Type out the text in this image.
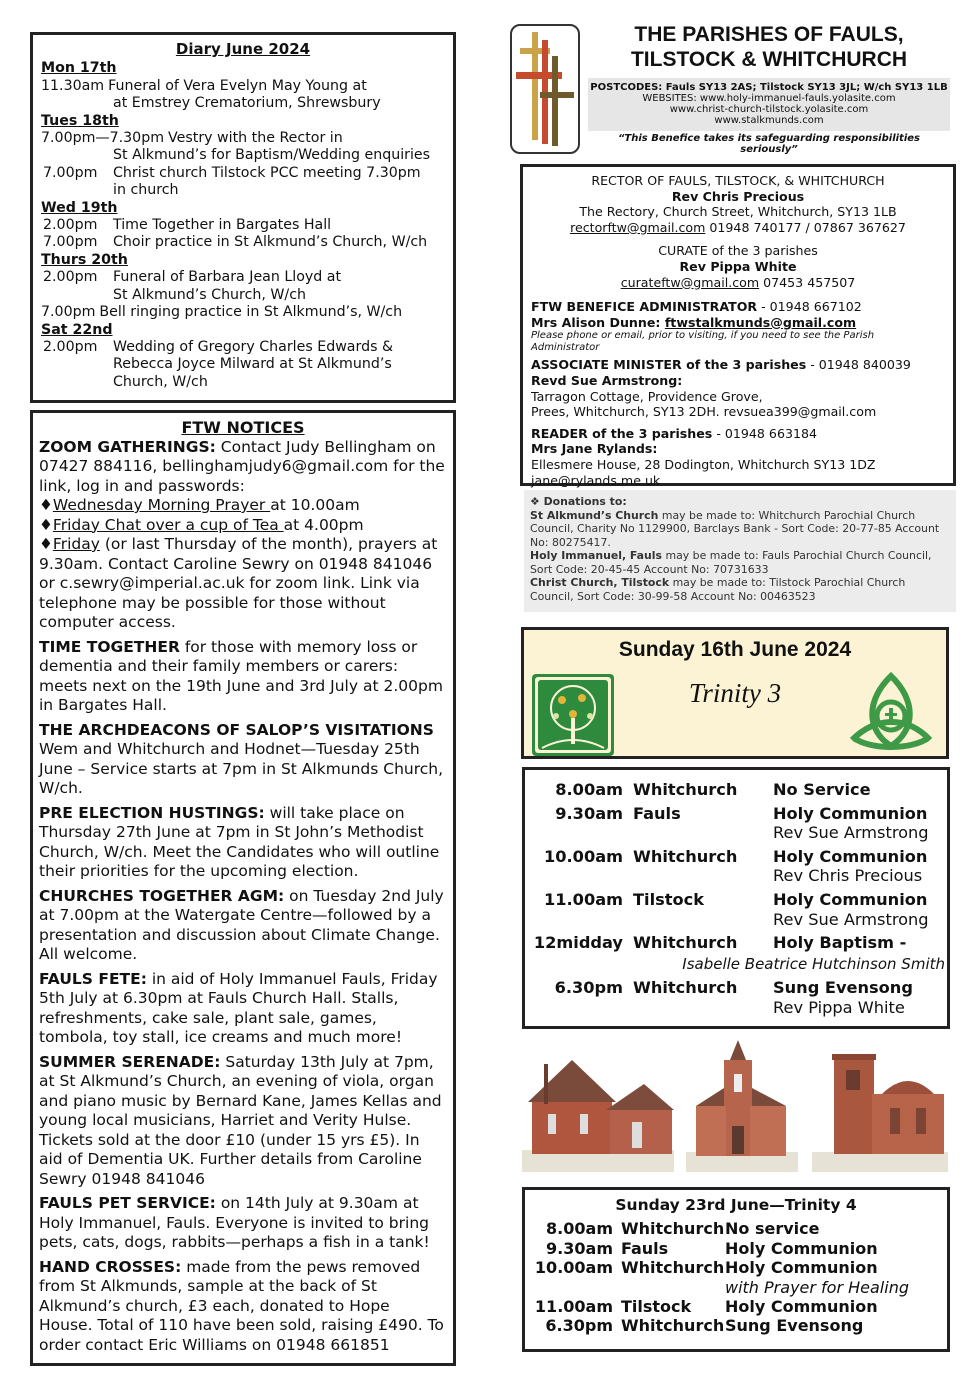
Diary June 2024
Mon 17th
11.30am Funeral of Vera Evelyn May Young at
at Emstrey Crematorium, Shrewsbury
Tues 18th
7.00pm—7.30pm Vestry with the Rector in
St Alkmund’s for Baptism/Wedding enquiries
7.00pm	Christ church Tilstock PCC meeting 7.30pm
in church
Wed 19th
2.00pm	Time Together in Bargates Hall
7.00pm	Choir practice in St Alkmund’s Church, W/ch
Thurs 20th
2.00pm	Funeral of Barbara Jean Lloyd at
St Alkmund’s Church, W/ch
7.00pm Bell ringing practice in St Alkmund’s, W/ch
Sat 22nd
2.00pm	Wedding of Gregory Charles Edwards &
Rebecca Joyce Milward at St Alkmund’s
Church, W/ch
FTW NOTICES

ZOOM GATHERINGS: Contact Judy Bellingham on 07427 884116, bellinghamjudy6@gmail.com for the link, log in and passwords:
♦Wednesday Morning Prayer at 10.00am
♦Friday Chat over a cup of Tea at 4.00pm
♦Friday (or last Thursday of the month), prayers at 9.30am. Contact Caroline Sewry on 01948 841046 or c.sewry@imperial.ac.uk for zoom link. Link via telephone may be possible for those without computer access.

TIME TOGETHER for those with memory loss or dementia and their family members or carers: meets next on the 19th June and 3rd July at 2.00pm in Bargates Hall.

THE ARCHDEACONS OF SALOP’S VISITATIONS Wem and Whitchurch and Hodnet—Tuesday 25th June – Service starts at 7pm in St Alkmunds Church, W/ch.

PRE ELECTION HUSTINGS: will take place on Thursday 27th June at 7pm in St John’s Methodist Church, W/ch. Meet the Candidates who will outline their priorities for the upcoming election.

CHURCHES TOGETHER AGM: on Tuesday 2nd July at 7.00pm at the Watergate Centre—followed by a presentation and discussion about Climate Change. All welcome.

FAULS FETE: in aid of Holy Immanuel Fauls, Friday 5th July at 6.30pm at Fauls Church Hall. Stalls, refreshments, cake sale, plant sale, games, tombola, toy stall, ice creams and much more!

SUMMER SERENADE: Saturday 13th July at 7pm, at St Alkmund’s Church, an evening of viola, organ and piano music by Bernard Kane, James Kellas and young local musicians, Harriet and Verity Hulse. Tickets sold at the door £10 (under 15 yrs £5). In aid of Dementia UK. Further details from Caroline Sewry 01948 841046

FAULS PET SERVICE: on 14th July at 9.30am at Holy Immanuel, Fauls. Everyone is invited to bring pets, cats, dogs, rabbits—perhaps a fish in a tank!

HAND CROSSES: made from the pews removed from St Alkmunds, sample at the back of St Alkmund’s church, £3 each, donated to Hope House. Total of 110 have been sold, raising £490. To order contact Eric Williams on 01948 661851

THE PARISHES OF FAULS,
TILSTOCK & WHITCHURCH
POSTCODES: Fauls SY13 2AS; Tilstock SY13 3JL; W/ch SY13 1LB
WEBSITES: www.holy-immanuel-fauls.yolasite.com
www.christ-church-tilstock.yolasite.com
www.stalkmunds.com
“This Benefice takes its safeguarding responsibilities seriously”
RECTOR OF FAULS, TILSTOCK, & WHITCHURCH
Rev Chris Precious
The Rectory, Church Street, Whitchurch, SY13 1LB
rectorftw@gmail.com 01948 740177 / 07867 367627
CURATE of the 3 parishes
Rev Pippa White
curateftw@gmail.com 07453 457507
FTW BENEFICE ADMINISTRATOR - 01948 667102
Mrs Alison Dunne: ftwstalkmunds@gmail.com
Please phone or email, prior to visiting, if you need to see the Parish Administrator
ASSOCIATE MINISTER of the 3 parishes - 01948 840039
Revd Sue Armstrong:
Tarragon Cottage, Providence Grove,
Prees, Whitchurch, SY13 2DH. revsuea399@gmail.com
READER of the 3 parishes - 01948 663184
Mrs Jane Rylands:
Ellesmere House, 28 Dodington, Whitchurch SY13 1DZ
jane@rylands.me.uk
❖ Donations to:
St Alkmund’s Church may be made to: Whitchurch Parochial Church Council, Charity No 1129900, Barclays Bank - Sort Code: 20-77-85 Account No: 80275417.
Holy Immanuel, Fauls may be made to: Fauls Parochial Church Council, Sort Code: 20-45-45 Account No: 70731633
Christ Church, Tilstock may be made to: Tilstock Parochial Church Council, Sort Code: 30-99-58 Account No: 00463523
Sunday 16th June 2024
Trinity 3
8.00am Whitchurch	No Service
9.30am Fauls	Holy Communion
Rev Sue Armstrong
10.00am Whitchurch	Holy Communion
Rev Chris Precious
11.00am Tilstock	Holy Communion
Rev Sue Armstrong
12midday Whitchurch	Holy Baptism -
Isabelle Beatrice Hutchinson Smith
6.30pm Whitchurch	Sung Evensong
Rev Pippa White
Sunday 23rd June—Trinity 4
8.00am Whitchurch No service
9.30am Fauls	Holy Communion
10.00am Whitchurch Holy Communion
with Prayer for Healing
11.00am Tilstock	Holy Communion
6.30pm Whitchurch Sung Evensong
